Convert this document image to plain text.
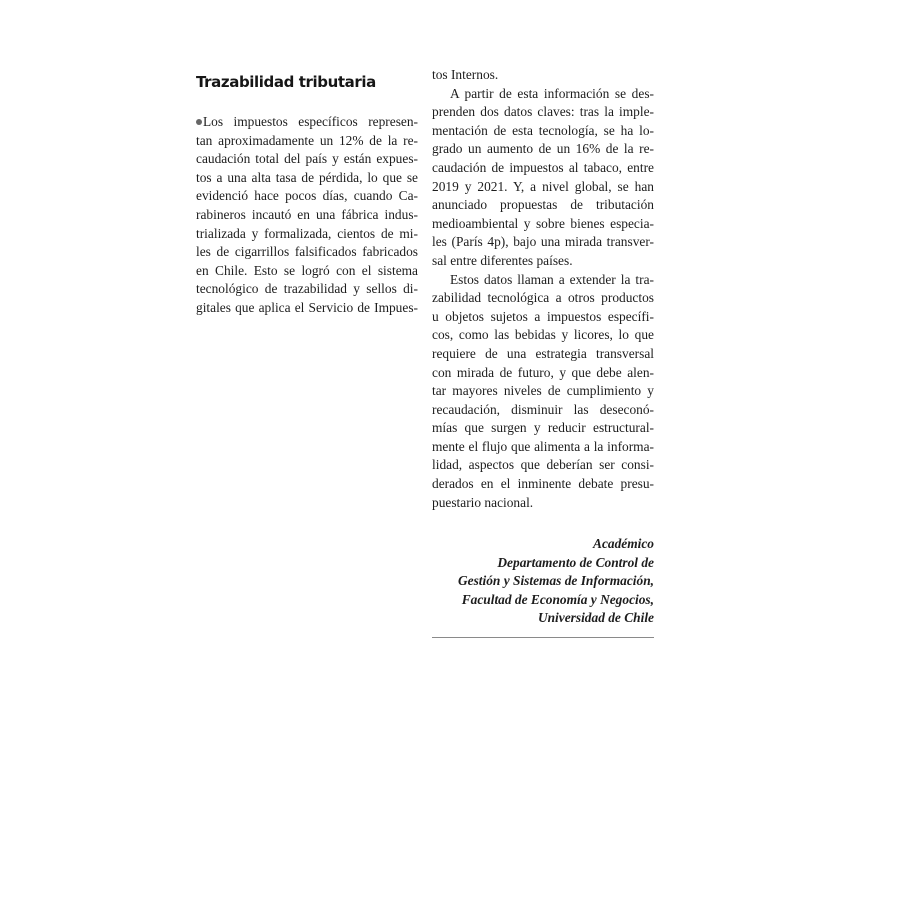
Trazabilidad tributaria
Los impuestos específicos represen-
tan aproximadamente un 12% de la re-
caudación total del país y están expues-
tos a una alta tasa de pérdida, lo que se
evidenció hace pocos días, cuando Ca-
rabineros incautó en una fábrica indus-
trializada y formalizada, cientos de mi-
les de cigarrillos falsificados fabricados
en Chile. Esto se logró con el sistema
tecnológico de trazabilidad y sellos di-
gitales que aplica el Servicio de Impues-
tos Internos.
A partir de esta información se des-
prenden dos datos claves: tras la imple-
mentación de esta tecnología, se ha lo-
grado un aumento de un 16% de la re-
caudación de impuestos al tabaco, entre
2019 y 2021. Y, a nivel global, se han
anunciado propuestas de tributación
medioambiental y sobre bienes especia-
les (París 4p), bajo una mirada transver-
sal entre diferentes países.
Estos datos llaman a extender la tra-
zabilidad tecnológica a otros productos
u objetos sujetos a impuestos específi-
cos, como las bebidas y licores, lo que
requiere de una estrategia transversal
con mirada de futuro, y que debe alen-
tar mayores niveles de cumplimiento y
recaudación, disminuir las deseconó-
mías que surgen y reducir estructural-
mente el flujo que alimenta a la informa-
lidad, aspectos que deberían ser consi-
derados en el inminente debate presu-
puestario nacional.
Académico
Departamento de Control de
Gestión y Sistemas de Información,
Facultad de Economía y Negocios,
Universidad de Chile
